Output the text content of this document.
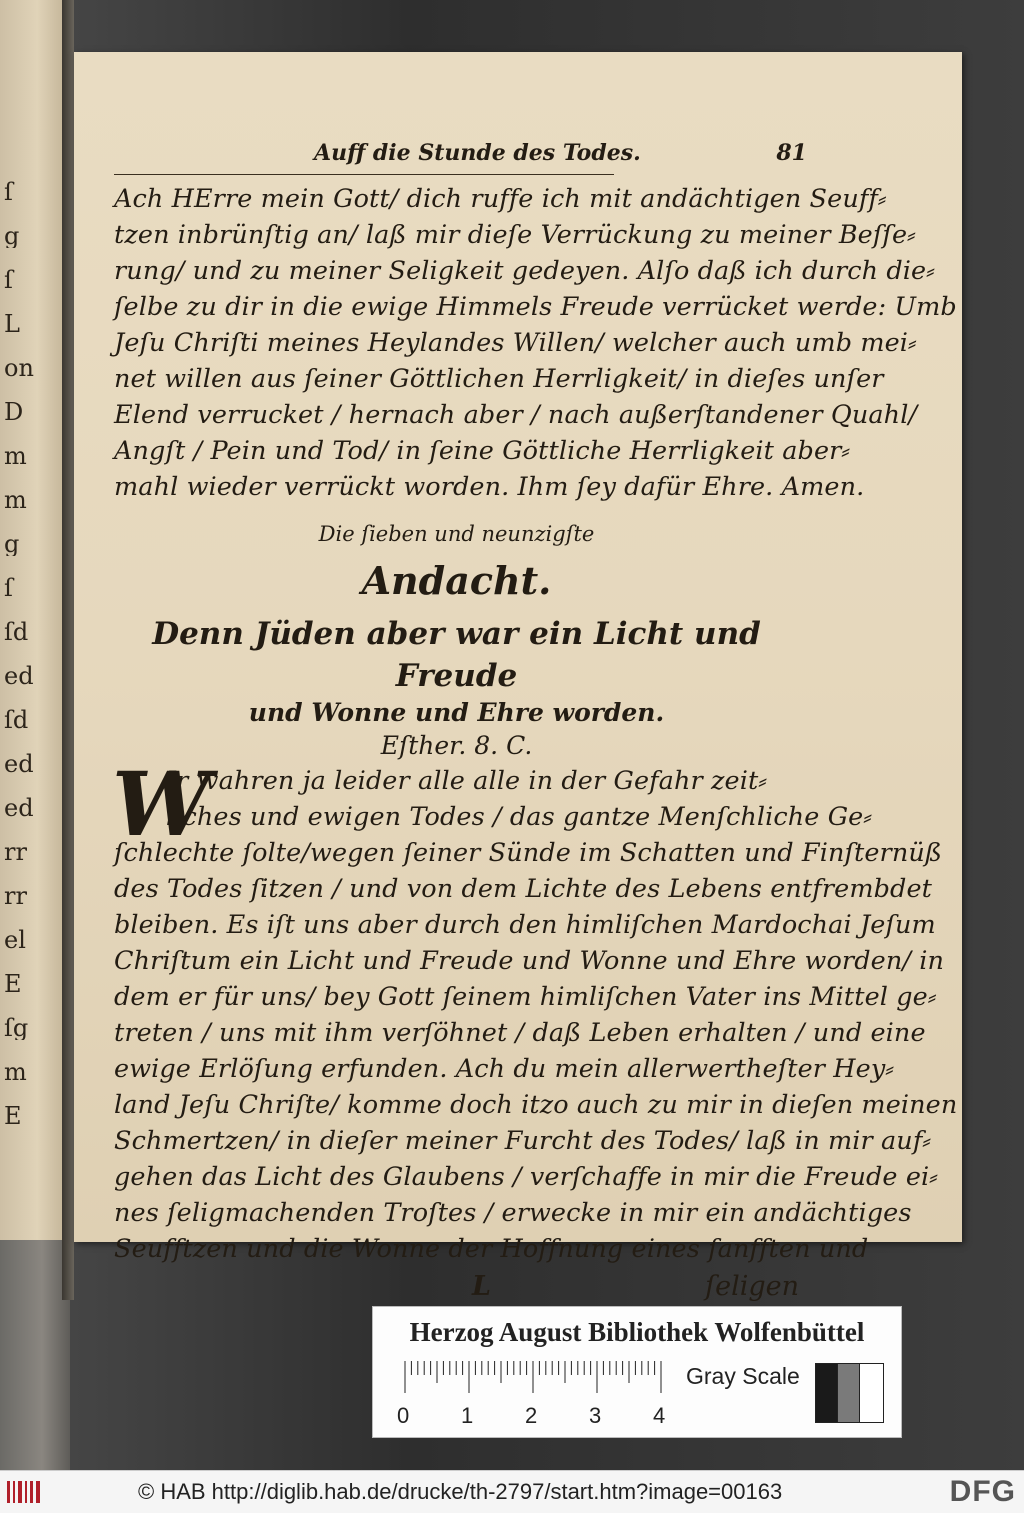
ſ
g
ſ
L
on
D
m
m
g
ſ
ſd
ed
ſd
ed
ed
rr
rr
el
E
ſg
m
E
Auff die Stunde des Todes.	81
Ach HErre mein Gott/ dich ruffe ich mit andächtigen Seuff⸗
tzen inbrünſtig an/ laß mir dieſe Verrückung zu meiner Beſſe⸗
rung/ und zu meiner Seligkeit gedeyen. Alſo daß ich durch die⸗
ſelbe zu dir in die ewige Himmels Freude verrücket werde: Umb
Jeſu Chriſti meines Heylandes Willen/ welcher auch umb mei⸗
net willen aus ſeiner Göttlichen Herrligkeit/ in dieſes unſer
Elend verrucket / hernach aber / nach außerſtandener Quahl/
Angſt / Pein und Tod/ in ſeine Göttliche Herrligkeit aber⸗
mahl wieder verrückt worden. Ihm ſey dafür Ehre. Amen.
Die ſieben und neunzigſte
Andacht.
Denn Jüden aber war ein Licht und Freude
und Wonne und Ehre worden.
Eſther. 8. C.
W
Ir wahren ja leider alle alle in der Gefahr zeit⸗
liches und ewigen Todes / das gantze Menſchliche Ge⸗
ſchlechte ſolte/wegen ſeiner Sünde im Schatten und Finſternüß
des Todes ſitzen / und von dem Lichte des Lebens entfrembdet
bleiben. Es iſt uns aber durch den himliſchen Mardochai Jeſum
Chriſtum ein Licht und Freude und Wonne und Ehre worden/ in
dem er für uns/ bey Gott ſeinem himliſchen Vater ins Mittel ge⸗
treten / uns mit ihm verſöhnet / daß Leben erhalten / und eine
ewige Erlöſung erfunden. Ach du mein allerwertheſter Hey⸗
land Jeſu Chriſte/ komme doch itzo auch zu mir in dieſen meinen
Schmertzen/ in dieſer meiner Furcht des Todes/ laß in mir auf⸗
gehen das Licht des Glaubens / verſchaffe in mir die Freude ei⸗
nes ſeligmachenden Troſtes / erwecke in mir ein andächtiges
Seufftzen und die Wonne der Hoffnung eines ſanfften und
L	ſeligen
Herzog August Bibliothek Wolfenbüttel
0 1 2 3 4
Gray Scale
© HAB http://diglib.hab.de/drucke/th-2797/start.htm?image=00163	DFG
